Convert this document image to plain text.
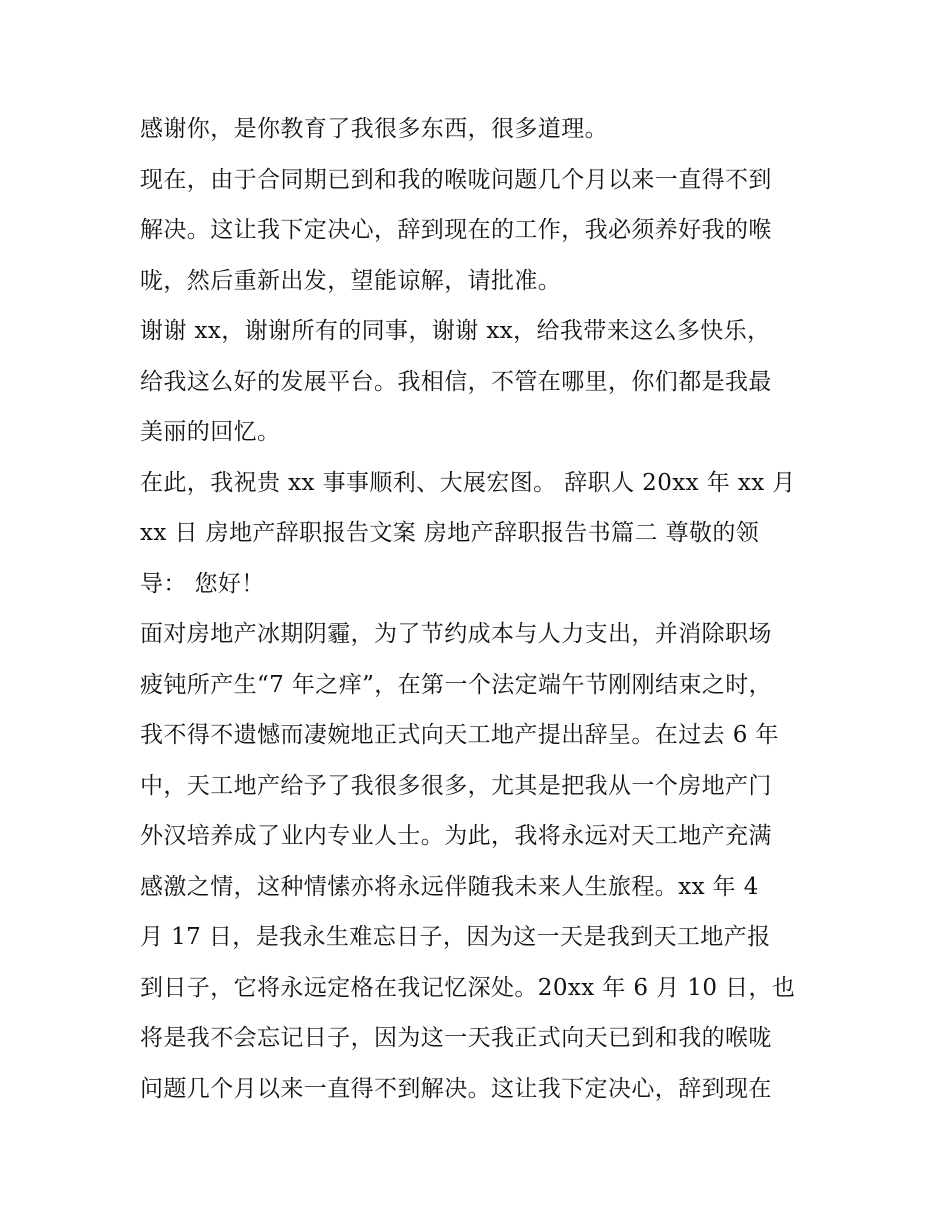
感谢你，是你教育了我很多东西，很多道理。
现在，由于合同期已到和我的喉咙问题几个月以来一直得不到
解决。这让我下定决心，辞到现在的工作，我必须养好我的喉
咙，然后重新出发，望能谅解，请批准。
谢谢 xx，谢谢所有的同事，谢谢 xx，给我带来这么多快乐，
给我这么好的发展平台。我相信，不管在哪里，你们都是我最
美丽的回忆。
在此，我祝贵 xx 事事顺利、大展宏图。 辞职人 20xx 年 xx 月
xx 日 房地产辞职报告文案 房地产辞职报告书篇二 尊敬的领
导： 您好！
面对房地产冰期阴霾，为了节约成本与人力支出，并消除职场
疲钝所产生“7 年之痒”，在第一个法定端午节刚刚结束之时，
我不得不遗憾而凄婉地正式向天工地产提出辞呈。在过去 6 年
中，天工地产给予了我很多很多，尤其是把我从一个房地产门
外汉培养成了业内专业人士。为此，我将永远对天工地产充满
感激之情，这种情愫亦将永远伴随我未来人生旅程。xx 年 4
月 17 日，是我永生难忘日子，因为这一天是我到天工地产报
到日子，它将永远定格在我记忆深处。20xx 年 6 月 10 日，也
将是我不会忘记日子，因为这一天我正式向天已到和我的喉咙
问题几个月以来一直得不到解决。这让我下定决心，辞到现在
